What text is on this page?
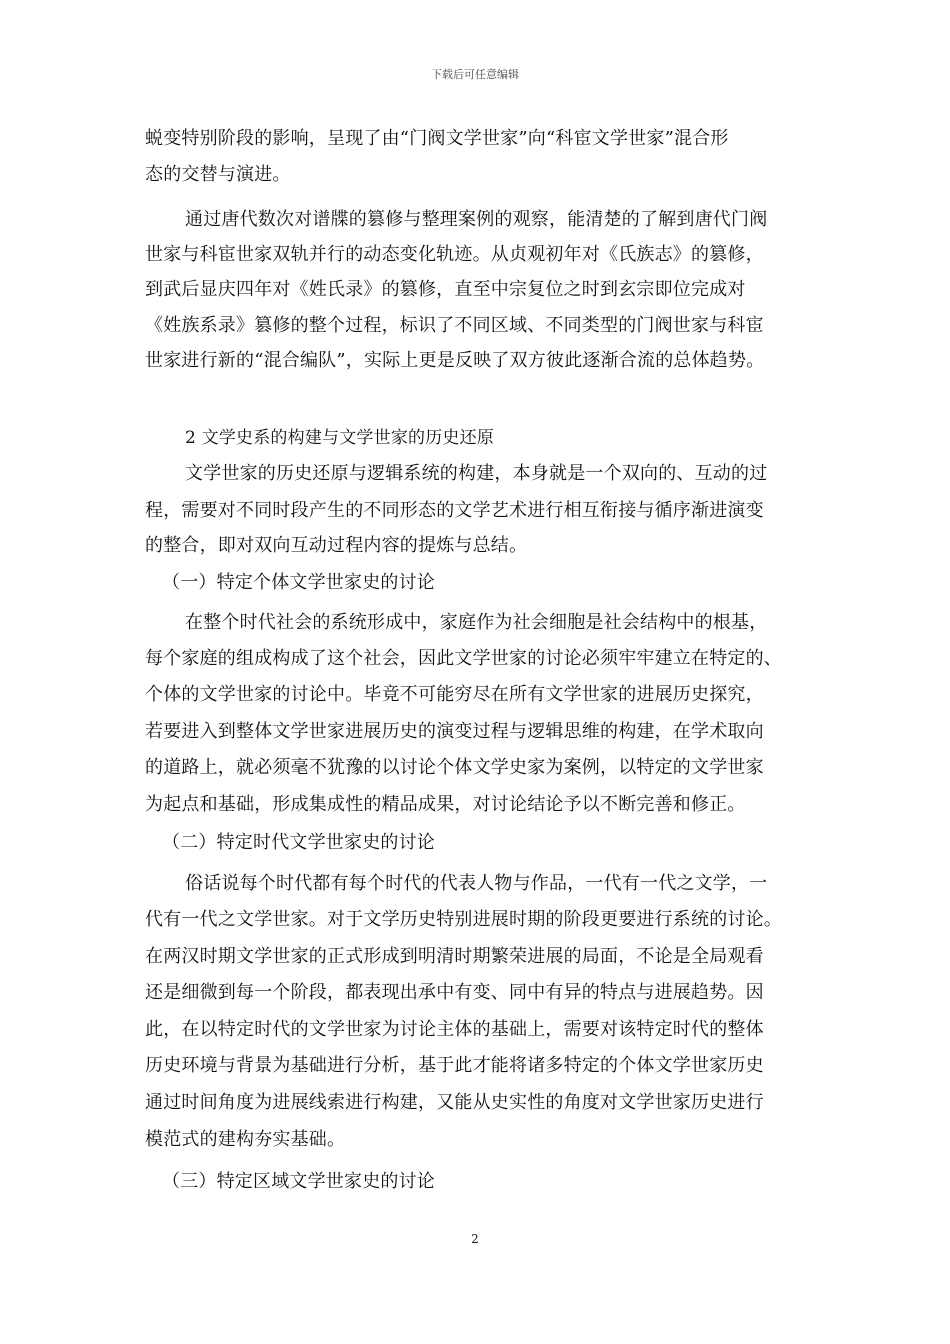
下载后可任意编辑
蜕变特别阶段的影响，呈现了由“门阀文学世家”向“科宦文学世家”混合形
态的交替与演进。
通过唐代数次对谱牒的篡修与整理案例的观察，能清楚的了解到唐代门阀
世家与科宦世家双轨并行的动态变化轨迹。从贞观初年对《氏族志》的篡修，
到武后显庆四年对《姓氏录》的篡修，直至中宗复位之时到玄宗即位完成对
《姓族系录》篡修的整个过程，标识了不同区域、不同类型的门阀世家与科宦
世家进行新的“混合编队”，实际上更是反映了双方彼此逐渐合流的总体趋势。
2 文学史系的构建与文学世家的历史还原
文学世家的历史还原与逻辑系统的构建，本身就是一个双向的、互动的过
程，需要对不同时段产生的不同形态的文学艺术进行相互衔接与循序渐进演变
的整合，即对双向互动过程内容的提炼与总结。
（一）特定个体文学世家史的讨论
在整个时代社会的系统形成中，家庭作为社会细胞是社会结构中的根基，
每个家庭的组成构成了这个社会，因此文学世家的讨论必须牢牢建立在特定的、
个体的文学世家的讨论中。毕竟不可能穷尽在所有文学世家的进展历史探究，
若要进入到整体文学世家进展历史的演变过程与逻辑思维的构建，在学术取向
的道路上，就必须毫不犹豫的以讨论个体文学史家为案例，以特定的文学世家
为起点和基础，形成集成性的精品成果，对讨论结论予以不断完善和修正。
（二）特定时代文学世家史的讨论
俗话说每个时代都有每个时代的代表人物与作品，一代有一代之文学，一
代有一代之文学世家。对于文学历史特别进展时期的阶段更要进行系统的讨论。
在两汉时期文学世家的正式形成到明清时期繁荣进展的局面，不论是全局观看
还是细微到每一个阶段，都表现出承中有变、同中有异的特点与进展趋势。因
此，在以特定时代的文学世家为讨论主体的基础上，需要对该特定时代的整体
历史环境与背景为基础进行分析，基于此才能将诸多特定的个体文学世家历史
通过时间角度为进展线索进行构建，又能从史实性的角度对文学世家历史进行
模范式的建构夯实基础。
（三）特定区域文学世家史的讨论
2
